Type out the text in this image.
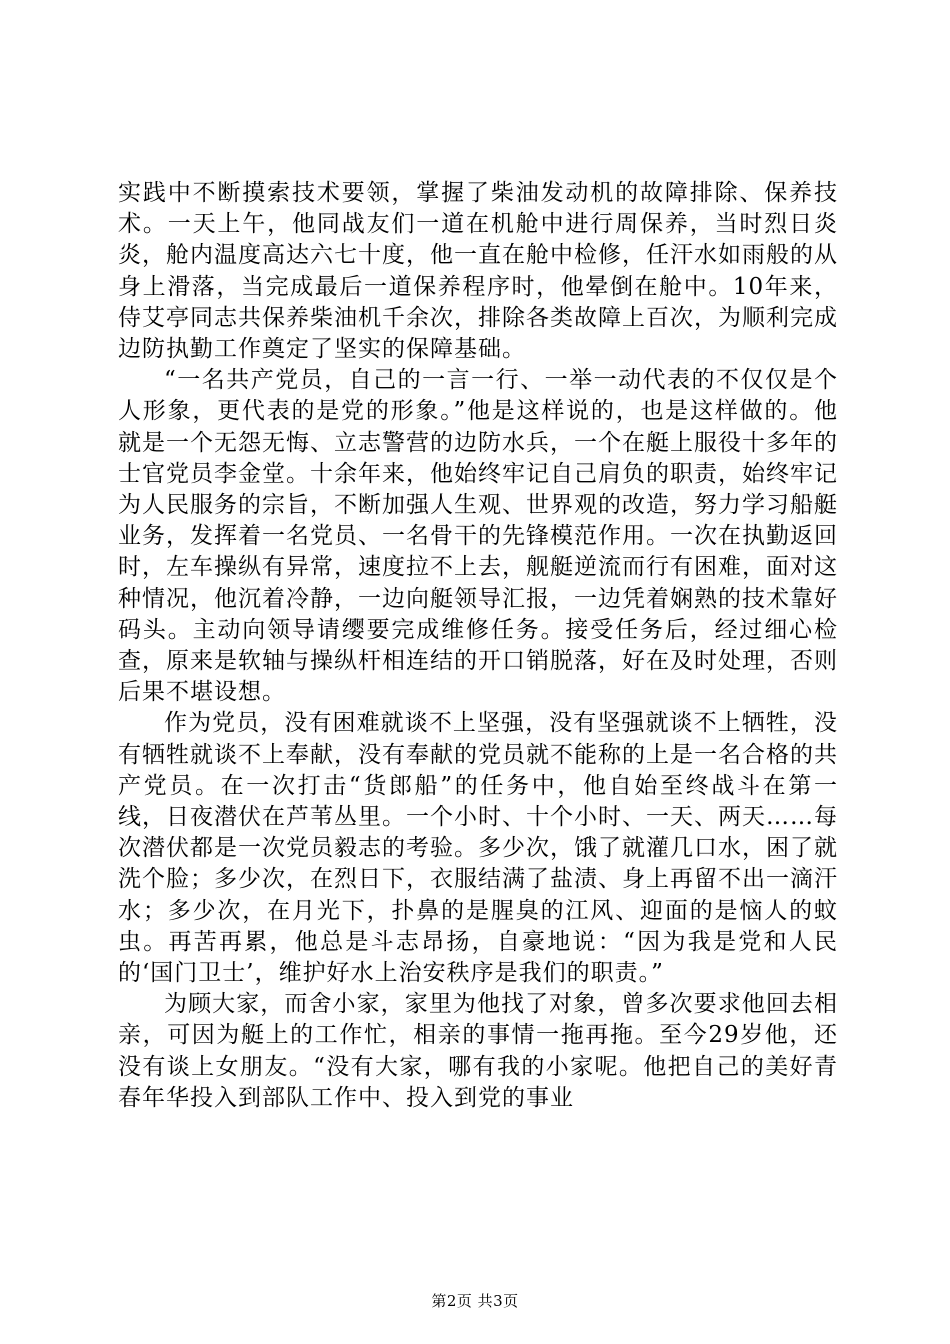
实践中不断摸索技术要领，掌握了柴油发动机的故障排除、保养技术。一天上午，他同战友们一道在机舱中进行周保养，当时烈日炎炎，舱内温度高达六七十度，他一直在舱中检修，任汗水如雨般的从身上滑落，当完成最后一道保养程序时，他晕倒在舱中。10年来，侍艾亭同志共保养柴油机千余次，排除各类故障上百次，为顺利完成边防执勤工作奠定了坚实的保障基础。

“一名共产党员，自己的一言一行、一举一动代表的不仅仅是个人形象，更代表的是党的形象。”他是这样说的，也是这样做的。他就是一个无怨无悔、立志警营的边防水兵，一个在艇上服役十多年的士官党员李金堂。十余年来，他始终牢记自己肩负的职责，始终牢记为人民服务的宗旨，不断加强人生观、世界观的改造，努力学习船艇业务，发挥着一名党员、一名骨干的先锋模范作用。一次在执勤返回时，左车操纵有异常，速度拉不上去，舰艇逆流而行有困难，面对这种情况，他沉着冷静，一边向艇领导汇报，一边凭着娴熟的技术靠好码头。主动向领导请缨要完成维修任务。接受任务后，经过细心检查，原来是软轴与操纵杆相连结的开口销脱落，好在及时处理，否则后果不堪设想。

作为党员，没有困难就谈不上坚强，没有坚强就谈不上牺牲，没有牺牲就谈不上奉献，没有奉献的党员就不能称的上是一名合格的共产党员。在一次打击“货郎船”的任务中，他自始至终战斗在第一线，日夜潜伏在芦苇丛里。一个小时、十个小时、一天、两天……每次潜伏都是一次党员毅志的考验。多少次，饿了就灌几口水，困了就洗个脸；多少次，在烈日下，衣服结满了盐渍、身上再留不出一滴汗水；多少次，在月光下，扑鼻的是腥臭的江风、迎面的是恼人的蚊虫。再苦再累，他总是斗志昂扬，自豪地说：“因为我是党和人民的‘国门卫士’，维护好水上治安秩序是我们的职责。”

为顾大家，而舍小家，家里为他找了对象，曾多次要求他回去相亲，可因为艇上的工作忙，相亲的事情一拖再拖。至今29岁他，还没有谈上女朋友。“没有大家，哪有我的小家呢。他把自己的美好青春年华投入到部队工作中、投入到党的事业

第2页 共3页
